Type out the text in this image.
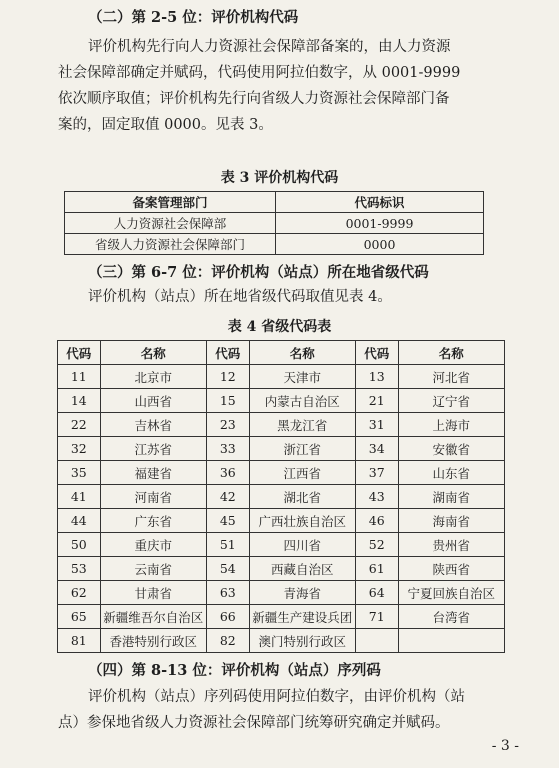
（二）第 2-5 位：评价机构代码
评价机构先行向人力资源社会保障部备案的，由人力资源
社会保障部确定并赋码，代码使用阿拉伯数字，从 0001-9999
依次顺序取值；评价机构先行向省级人力资源社会保障部门备
案的，固定取值 0000。见表 3。
表 3 评价机构代码
备案管理部门	代码标识
人力资源社会保障部	0001-9999
省级人力资源社会保障部门	0000
（三）第 6-7 位：评价机构（站点）所在地省级代码
评价机构（站点）所在地省级代码取值见表 4。
表 4 省级代码表
代码	名称	代码	名称	代码	名称
11	北京市	12	天津市	13	河北省
14	山西省	15	内蒙古自治区	21	辽宁省
22	吉林省	23	黑龙江省	31	上海市
32	江苏省	33	浙江省	34	安徽省
35	福建省	36	江西省	37	山东省
41	河南省	42	湖北省	43	湖南省
44	广东省	45	广西壮族自治区	46	海南省
50	重庆市	51	四川省	52	贵州省
53	云南省	54	西藏自治区	61	陕西省
62	甘肃省	63	青海省	64	宁夏回族自治区
65	新疆维吾尔自治区	66	新疆生产建设兵团	71	台湾省
81	香港特别行政区	82	澳门特别行政区		
（四）第 8-13 位：评价机构（站点）序列码
评价机构（站点）序列码使用阿拉伯数字，由评价机构（站
点）参保地省级人力资源社会保障部门统筹研究确定并赋码。
- 3 -
